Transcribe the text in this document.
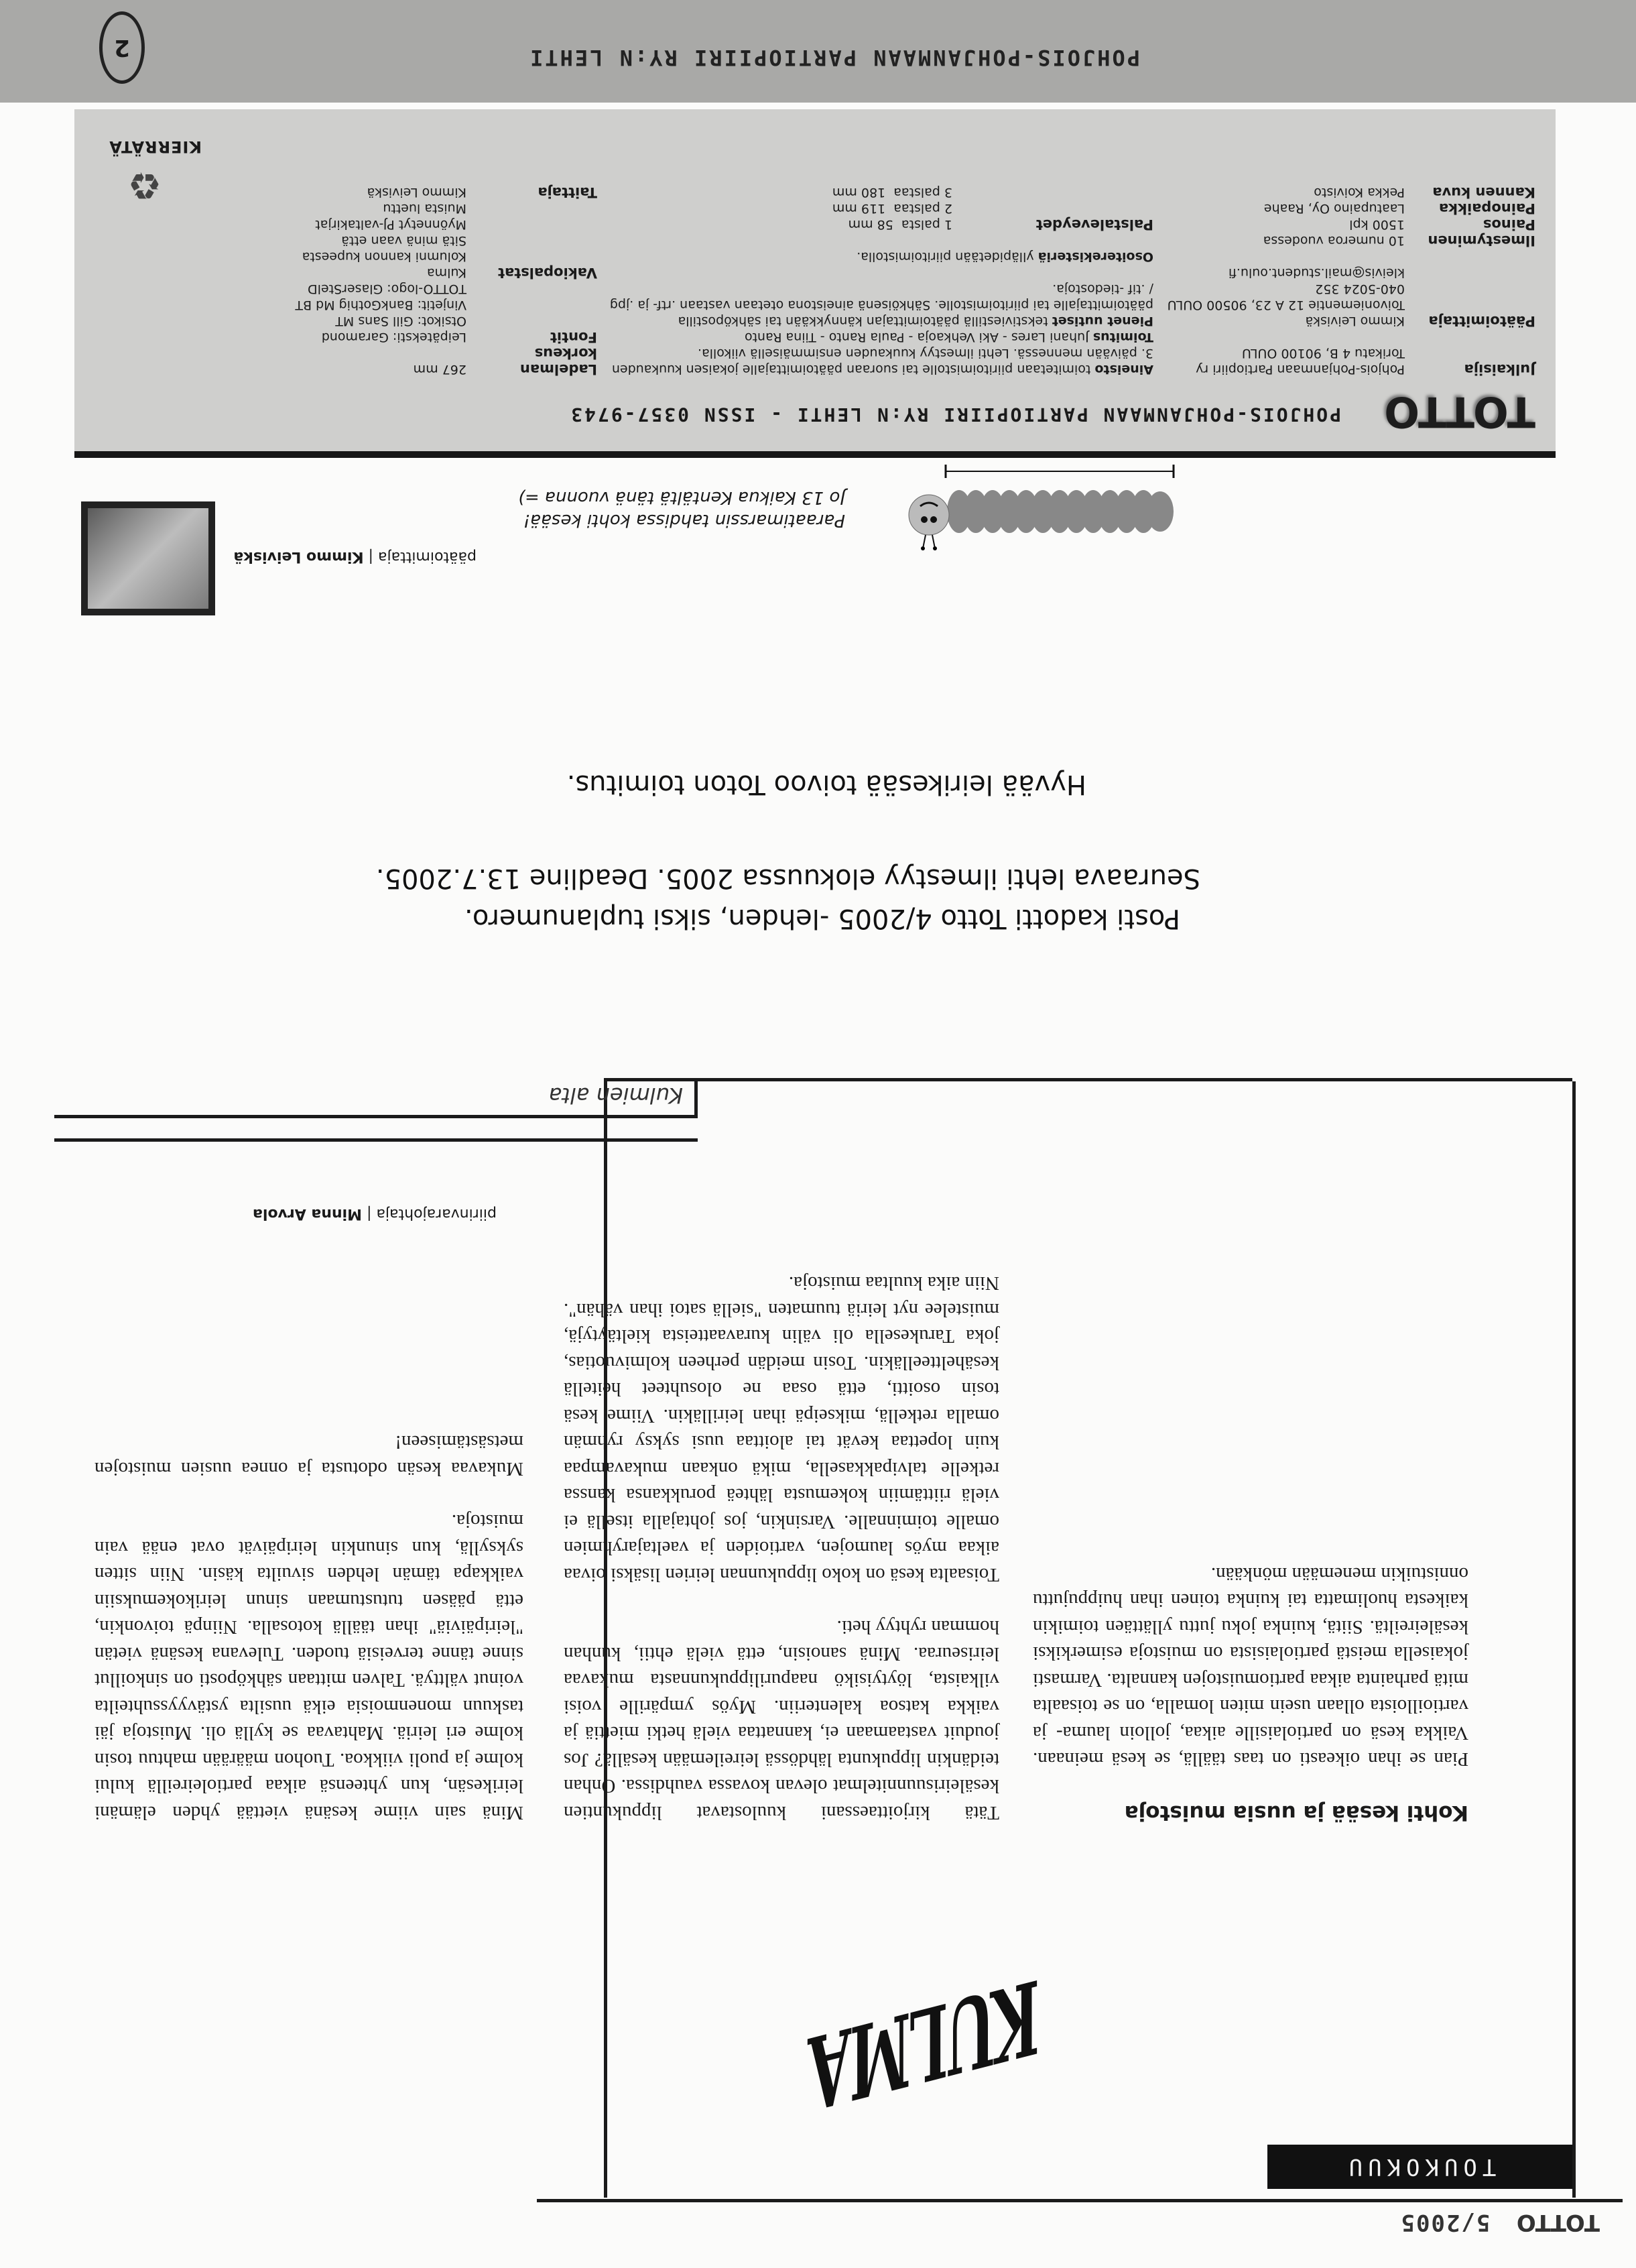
TOTTO 5/2005
TOUKOKUU
KULMA
Kohti kesää ja uusia muistoja

Pian se ihan oikeasti on taas täällä, se kesä meinaan. Vaikka kesä on partiolaisille aikaa, jolloin lauma- ja vartioilloista ollaan usein miten lomalla, on se toisaalta mitä parhainta aikaa partiomuistojen kannalta. Varmasti jokaisella meistä partiolaisista on muistoja esimerkiksi kesäleireiltä. Siitä, kuinka joku juttu yllättäen toimikin kaikesta huolimatta tai kuinka toinen ihan huippujuttu onnistuikin menemään mönkään.

Tätä kirjoittaessani kuulostavat lippukuntien kesäleirisuunnitelmat olevan kovassa vauhdissa. Onhan teidänkin lippukunta lähdössä leireilemään kesällä? Jos jouduit vastaamaan ei, kannattaa vielä hetki miettiä ja vaikka katsoa kalenteriin. Myös ympärille voisi vilkaista, löytyisikö naapurilippukunnasta mukavaa leiriseuraa. Minä sanoisin, että vielä ehtii, kunhan homman ryhtyy heti.

Toisaalta kesä on koko lippukunnan leirien lisäksi oivaa aikaa myös laumojen, vartioiden ja vaeltajaryhmien omalle toiminnalle. Varsinkin, jos johtajalla itsellä ei vielä riittämiin kokemusta lähteä porukkansa kanssa retkelle talvipakkasella, mikä onkaan mukavampaa kuin lopettaa kevät tai aloittaa uusi syksy ryhmän omalla retkellä, mikseipä ihan leirilläkin. Viime kesä tosin osoitti, että osaa ne olosuhteet heitellä kesäheltteelläkin. Tosin meidän perheen kolmivuotias, joka Tarukesella oli välin kuravaatteista kieltäytyjä, muistelee nyt leiriä tuumaten "siellä satoi ihan vähän". Niin aika kuultaa muistoja.

Minä sain viime kesänä viettää yhden elämäni leirikesän, kun yhteensä aikaa partioleireillä kului kolme ja puoli viikkoa. Tuohon määrään mahtuu tosin kolme eri leiriä. Mahtavaa se kyllä oli. Muistoja jäi taskuun monenmoisia eikä uusilta ystävyyssuhteilta voinut välttyä. Talven mittaan sähköposti on sinkoillut sinne tänne terveisiä tuoden. Tulevana kesänä vietän "leiripäiviä" ihan täällä kotosalla. Niinpä toivonkin, että pääsen tutustumaan sinun leirikokemuksiin vaikkapa tämän lehden sivuilta käsin. Niin sitten syksyllä, kun sinunkin leiripäivät ovat enää vain muistoja.

Mukavaa kesän odotusta ja onnea uusien muistojen metsästämiseen!

piirinvarajohtaja | Minna Arvola
Kulmien alta
Posti kadotti Totto 4/2005 -lehden, siksi tuplanumero.
Seuraava lehti ilmestyy elokuussa 2005. Deadline 13.7.2005.
Hyvää leirikesää toivoo Toton toimitus.
päätoimittaja | Kimmo Leiviskä
Paraatimarssin tahdissa kohti kesää!
Jo 13 Kaikua Kentältä tänä vuonna =)
TOTTO
POHJOIS-POHJANMAAN PARTIOPIIRI RY:N LEHTI - ISSN 0357-9743
Julkaisija
Pohjois-Pohjanmaan Partiopiiri ry
Torikatu 4 B, 90100 OULU

Päätoimittaja
Kimmo Leiviskä
Toivoniementie 12 A 23, 90500 OULU
040-5024 352
kleivis@mail.student.oulu.fi

Ilmestyminen
10 numeroa vuodessa
Painos
1500 kpl
Painopaikka
Laatupaino Oy, Raahe
Kannen kuva
Pekka Koivisto
Aineisto toimitetaan piiritoimistolle tai suoraan päätoimittajalle jokaisen kuukauden 3. päivään mennessä. Lehti ilmestyy kuukauden ensimmäisellä viikolla.
Toimitus Juhani Lares - Aki Vehkaoja - Paula Ranto - Tiina Ranto
Pienet uutiset tekstiviestillä päätoimittajan kännykkään tai sähköpostilla päätoimittajalle tai piiritoimistolle. Sähköisenä aineistona otetaan vastaan .rtf- ja .jpg / .tif -tiedostoja.

Osoiterekisteriä ylläpidetään piiritoimistolla.

Palstaleveydet
1 palsta  58 mm
2 palstaa  119 mm
3 palstaa  180 mm
Ladelman korkeus
267 mm
Fontit
Leipäteksti: Garamond
Otsikot: Gill Sans MT
Vinjetit: BankGothig Md BT
TOTTO-logo: GlaserStelD
Vakiopalstat
Kulma
Kolumni kannon kupeesta
Sitä minä vaan että
Myönnetyt PJ-valtakirjat
Muista luettu
Taittaja
Kimmo Leiviskä
♻
KIERRÄTÄ
POHJOIS-POHJANMAAN PARTIOPIIRI RY:N LEHTI
2
